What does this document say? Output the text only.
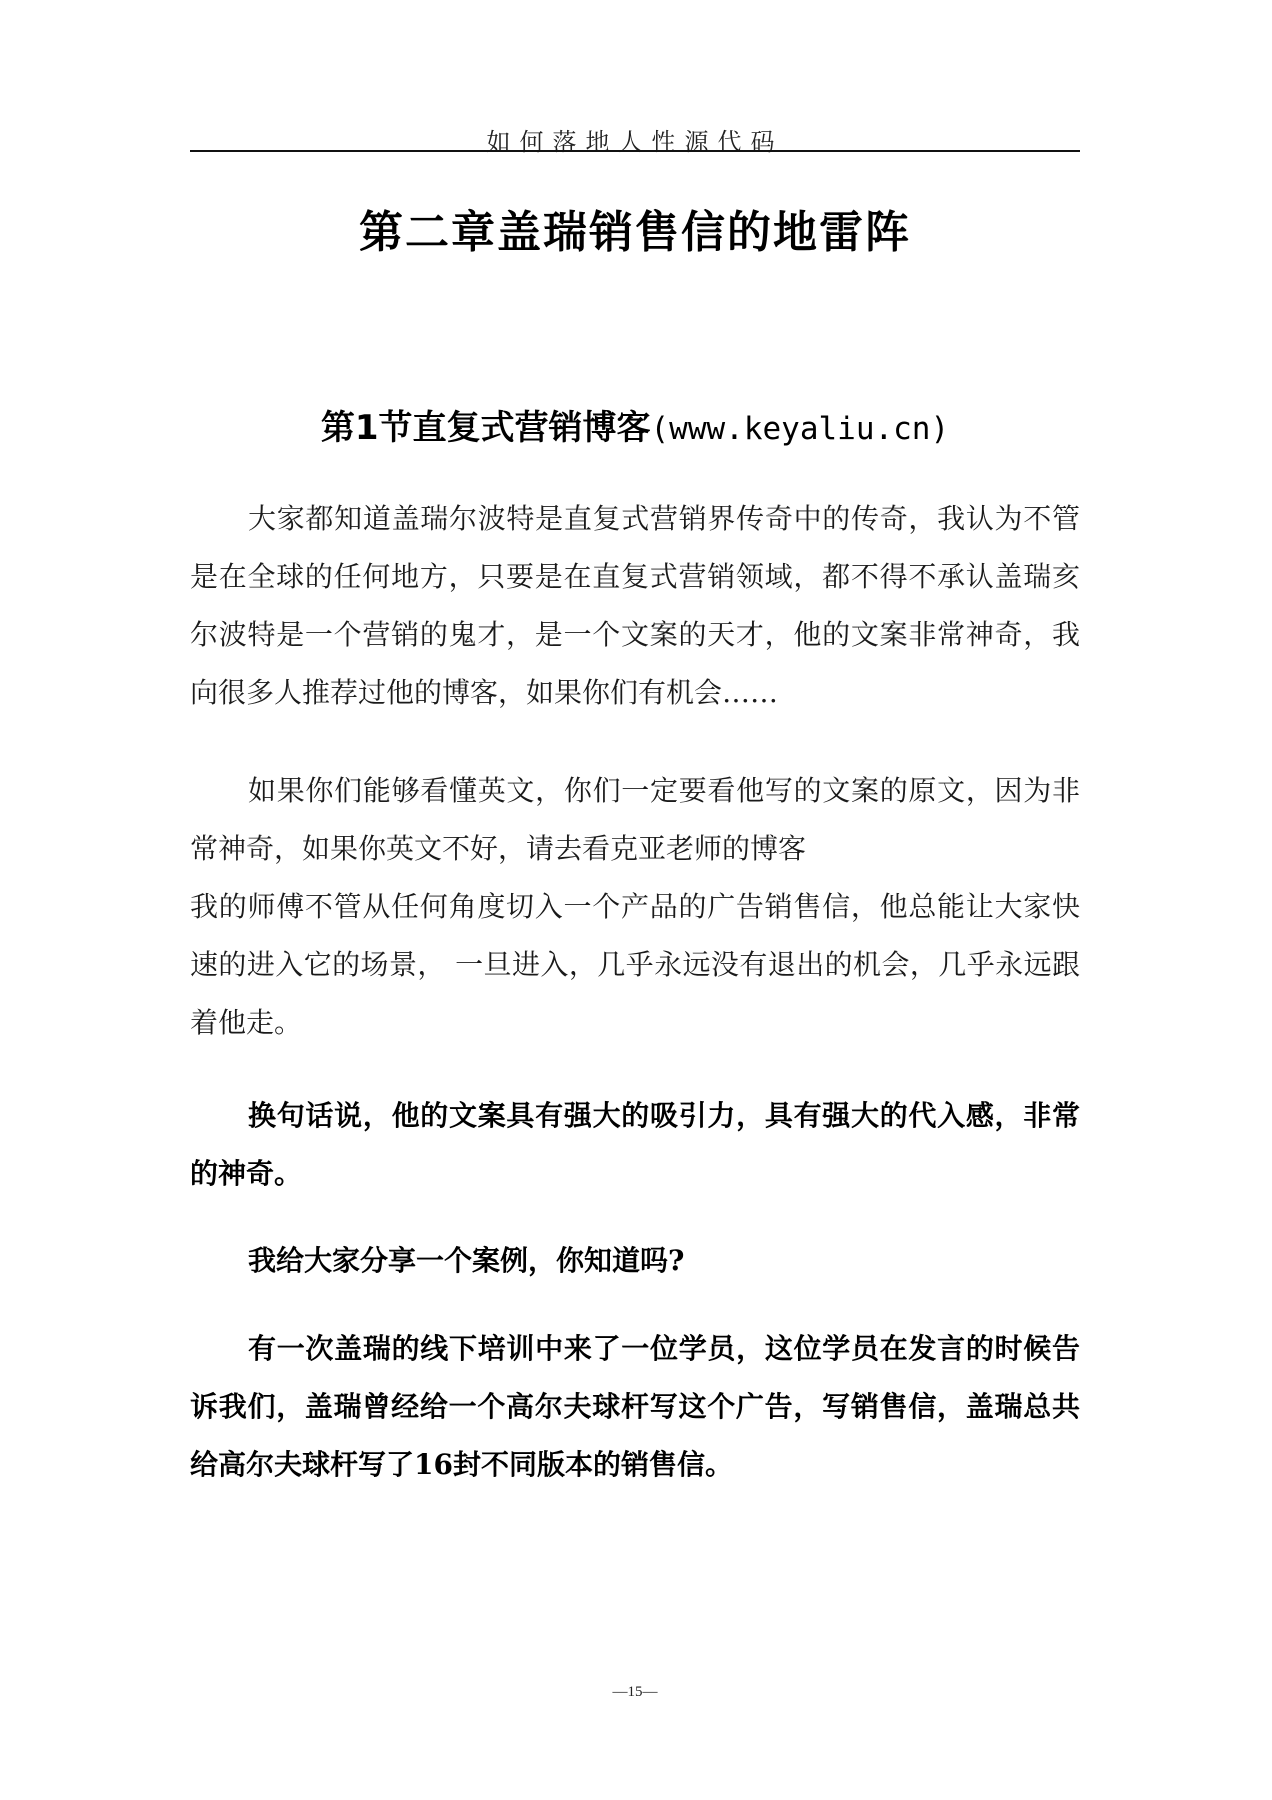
如何落地人性源代码
第二章盖瑞销售信的地雷阵
第1节直复式营销博客(www.keyaliu.cn)

大家都知道盖瑞尔波特是直复式营销界传奇中的传奇，我认为不管是在全球的任何地方，只要是在直复式营销领域，都不得不承认盖瑞亥尔波特是一个营销的鬼才，是一个文案的天才，他的文案非常神奇，我向很多人推荐过他的博客，如果你们有机会……

如果你们能够看懂英文，你们一定要看他写的文案的原文，因为非常神奇，如果你英文不好，请去看克亚老师的博客

我的师傅不管从任何角度切入一个产品的广告销售信，他总能让大家快速的进入它的场景， 一旦进入，几乎永远没有退出的机会，几乎永远跟着他走。

换句话说，他的文案具有强大的吸引力，具有强大的代入感，非常的神奇。

我给大家分享一个案例，你知道吗?

有一次盖瑞的线下培训中来了一位学员，这位学员在发言的时候告诉我们，盖瑞曾经给一个高尔夫球杆写这个广告，写销售信，盖瑞总共给高尔夫球杆写了16封不同版本的销售信。

—15—
